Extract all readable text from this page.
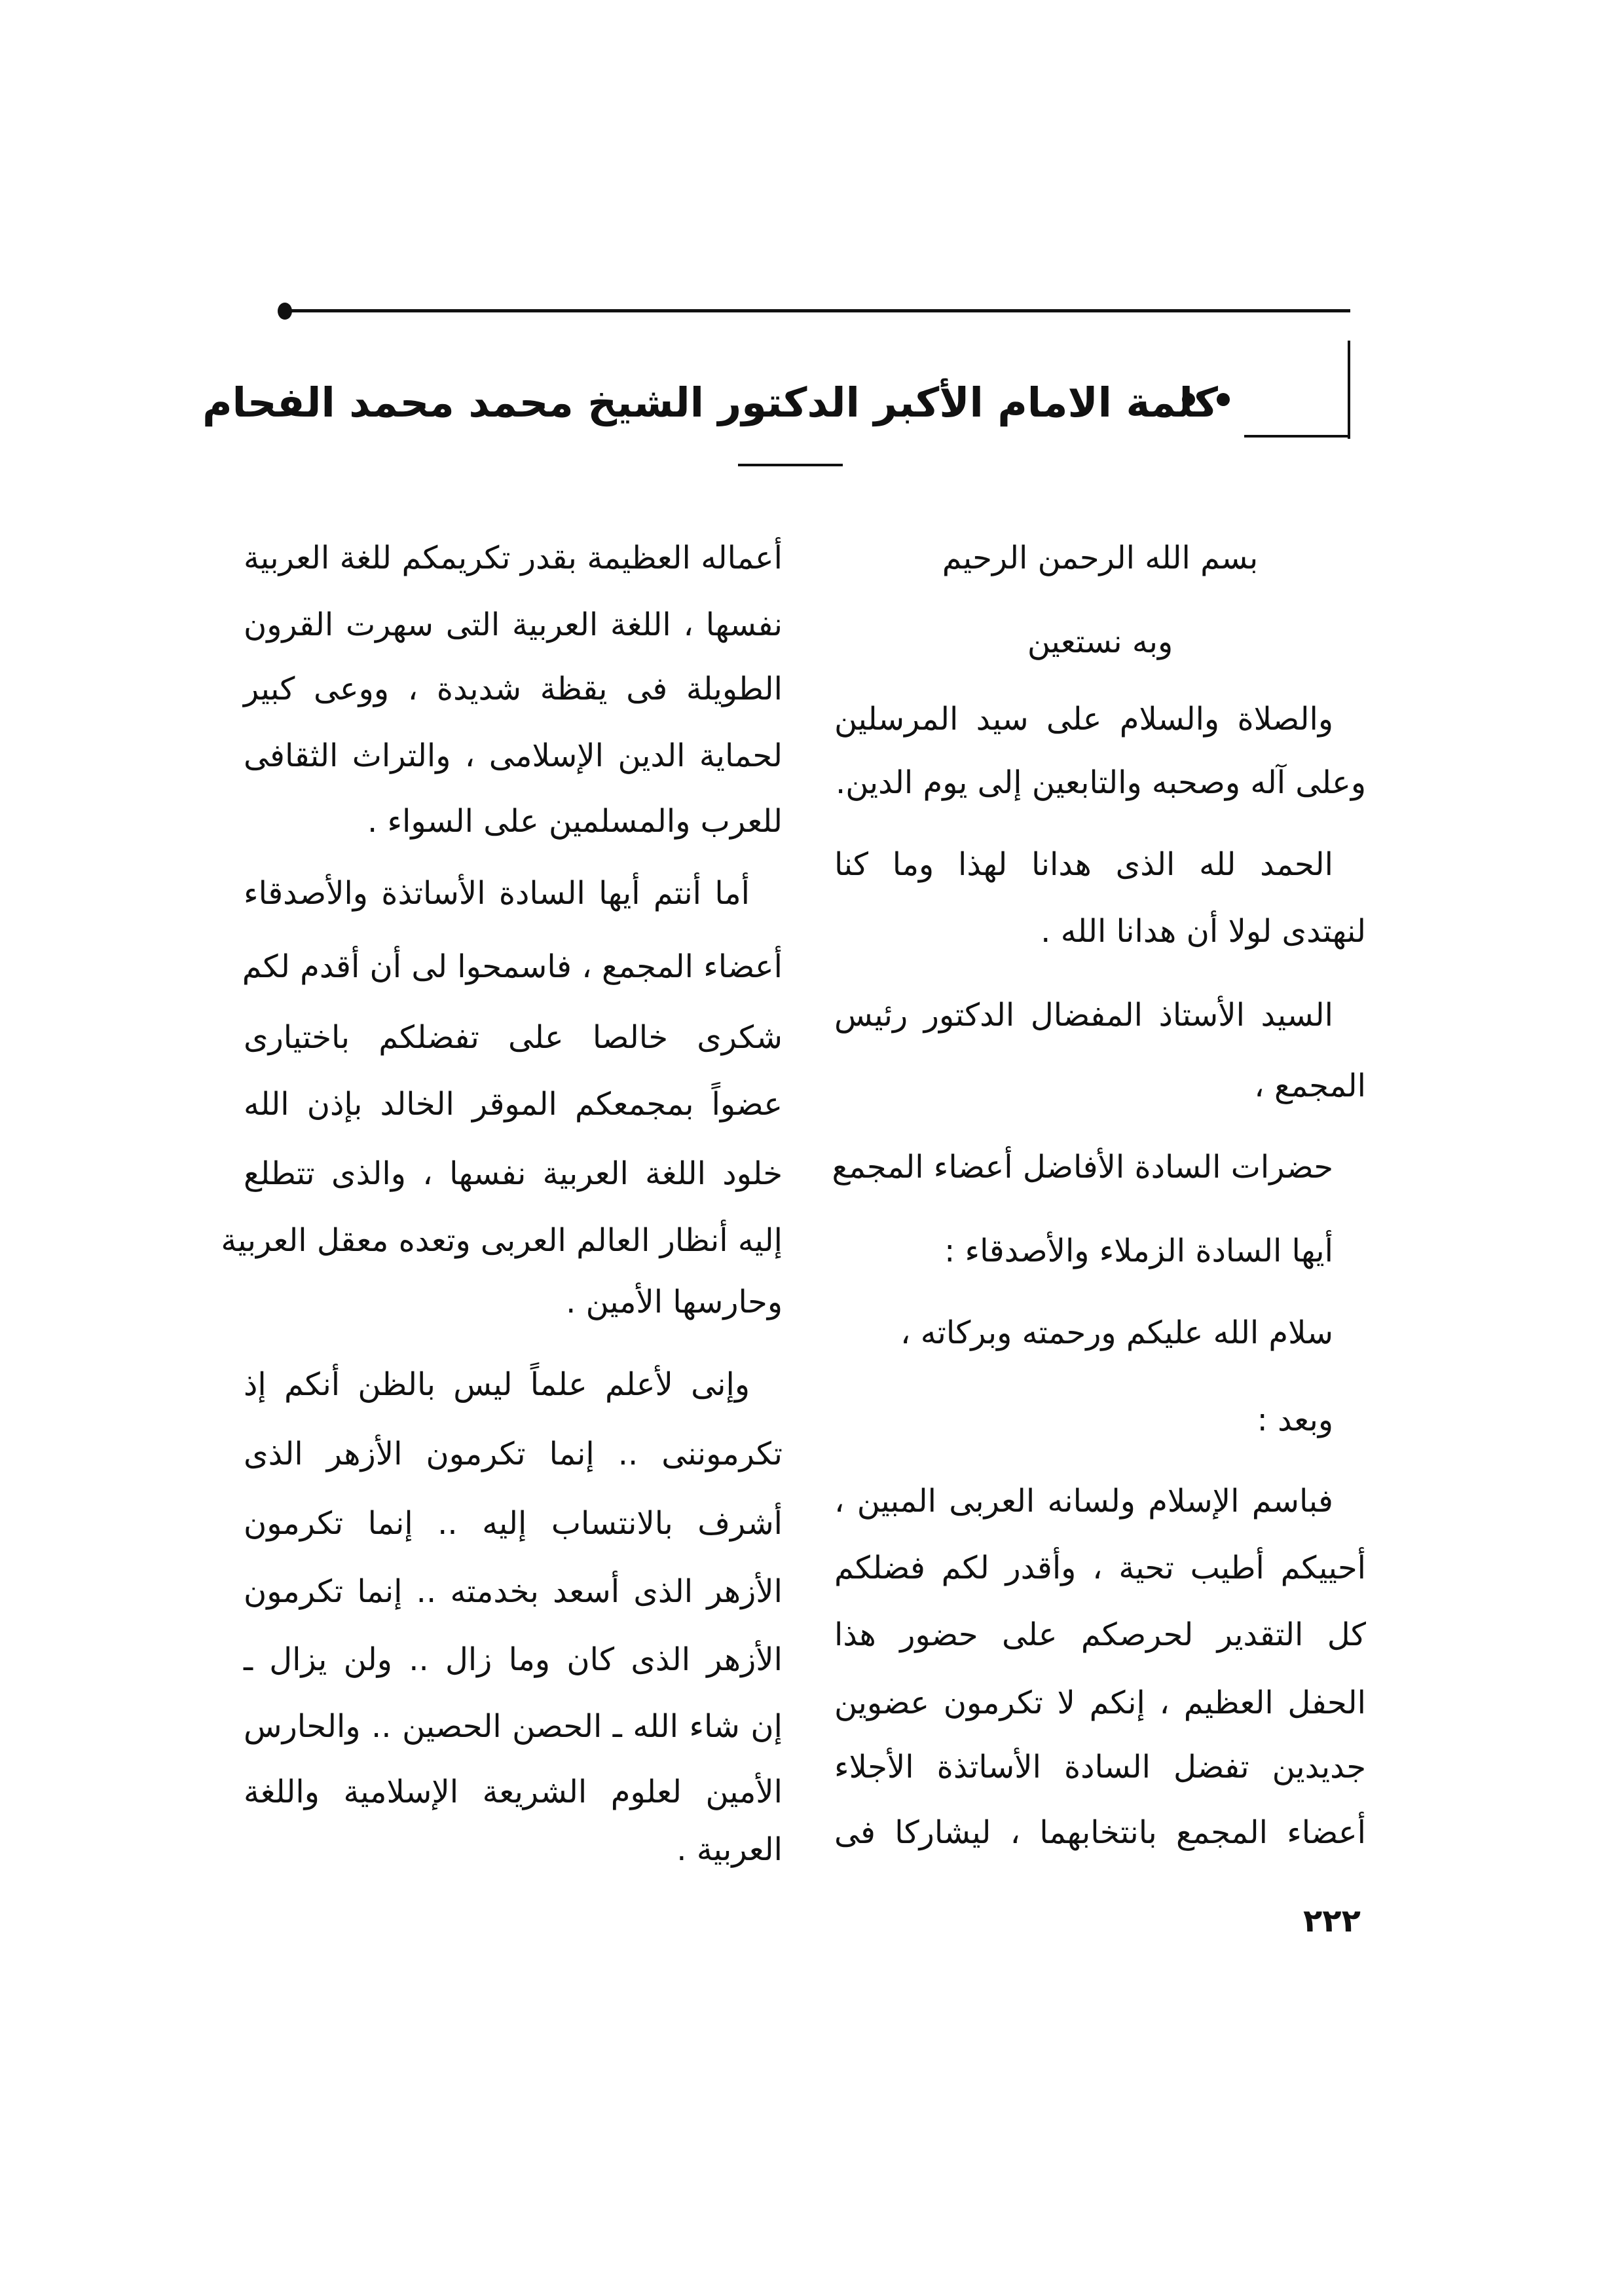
كلمة الامام الأكبر الدكتور الشيخ محمد محمد الفحام
بسم الله الرحمن الرحيم
وبه نستعين
والصلاة والسلام على سيد المرسلين
وعلى آله وصحبه والتابعين إلى يوم الدين.
الحمد لله الذى هدانا لهذا وما كنا
لنهتدى لولا أن هدانا الله .
السيد الأستاذ المفضال الدكتور رئيس
المجمع ،
حضرات السادة الأفاضل أعضاء المجمع
أيها السادة الزملاء والأصدقاء :
سلام الله عليكم ورحمته وبركاته ،
وبعد :
فباسم الإسلام ولسانه العربى المبين ،
أحييكم أطيب تحية ، وأقدر لكم فضلكم
كل التقدير لحرصكم على حضور هذا
الحفل العظيم ، إنكم لا تكرمون عضوين
جديدين تفضل السادة الأساتذة الأجلاء
أعضاء المجمع بانتخابهما ، ليشاركا فى
أعماله العظيمة بقدر تكريمكم للغة العربية
نفسها ، اللغة العربية التى سهرت القرون
الطويلة فى يقظة شديدة ، ووعى كبير
لحماية الدين الإسلامى ، والتراث الثقافى
للعرب والمسلمين على السواء .
أما أنتم أيها السادة الأساتذة والأصدقاء
أعضاء المجمع ، فاسمحوا لى أن أقدم لكم
شكرى خالصا على تفضلكم باختيارى
عضواً بمجمعكم الموقر الخالد بإذن الله
خلود اللغة العربية نفسها ، والذى تتطلع
إليه أنظار العالم العربى وتعده معقل العربية
وحارسها الأمين .
وإنى لأعلم علماً ليس بالظن أنكم إذ
تكرموننى .. إنما تكرمون الأزهر الذى
أشرف بالانتساب إليه .. إنما تكرمون
الأزهر الذى أسعد بخدمته .. إنما تكرمون
الأزهر الذى كان وما زال .. ولن يزال ـ
إن شاء الله ـ الحصن الحصين .. والحارس
الأمين لعلوم الشريعة الإسلامية واللغة
العربية .
٢٢٢
